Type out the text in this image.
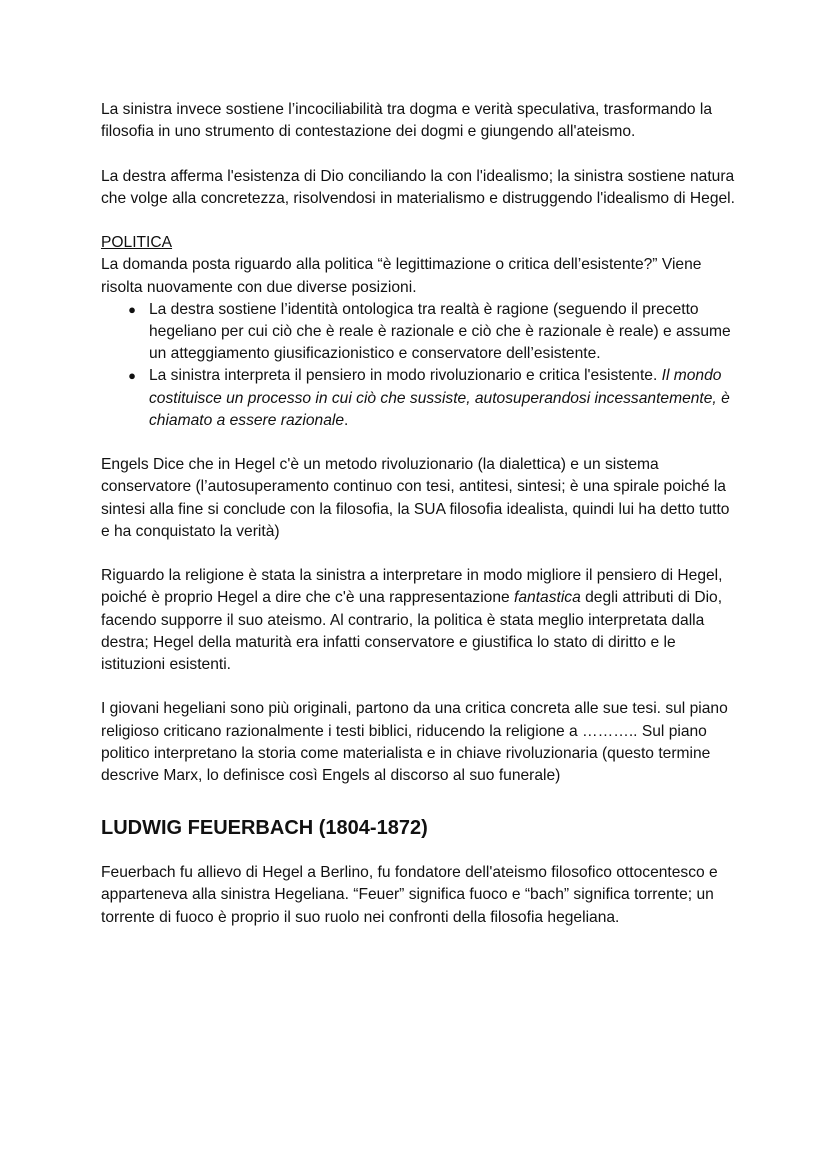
La sinistra invece sostiene l’incociliabilità tra dogma e verità speculativa, trasformando la filosofia in uno strumento di contestazione dei dogmi e giungendo all'ateismo.

La destra afferma l'esistenza di Dio conciliando la con l'idealismo; la sinistra sostiene natura che volge alla concretezza, risolvendosi in materialismo e distruggendo l'idealismo di Hegel.

POLITICA

La domanda posta riguardo alla politica “è legittimazione o critica dell’esistente?” Viene risolta nuovamente con due diverse posizioni.

● La destra sostiene l’identità ontologica tra realtà è ragione (seguendo il precetto hegeliano per cui ciò che è reale è razionale e ciò che è razionale è reale) e assume un atteggiamento giusificazionistico e conservatore dell’esistente.
● La sinistra interpreta il pensiero in modo rivoluzionario e critica l'esistente. Il mondo costituisce un processo in cui ciò che sussiste, autosuperandosi incessantemente, è chiamato a essere razionale.

Engels Dice che in Hegel c'è un metodo rivoluzionario (la dialettica) e un sistema conservatore (l’autosuperamento continuo con tesi, antitesi, sintesi; è una spirale poiché la sintesi alla fine si conclude con la filosofia, la SUA filosofia idealista, quindi lui ha detto tutto e ha conquistato la verità)

Riguardo la religione è stata la sinistra a interpretare in modo migliore il pensiero di Hegel, poiché è proprio Hegel a dire che c'è una rappresentazione fantastica degli attributi di Dio, facendo supporre il suo ateismo. Al contrario, la politica è stata meglio interpretata dalla destra; Hegel della maturità era infatti conservatore e giustifica lo stato di diritto e le istituzioni esistenti.

I giovani hegeliani sono più originali, partono da una critica concreta alle sue tesi. sul piano religioso criticano razionalmente i testi biblici, riducendo la religione a ……….. Sul piano politico interpretano la storia come materialista e in chiave rivoluzionaria (questo termine descrive Marx, lo definisce così Engels al discorso al suo funerale)

LUDWIG FEUERBACH (1804-1872)

Feuerbach fu allievo di Hegel a Berlino, fu fondatore dell'ateismo filosofico ottocentesco e apparteneva alla sinistra Hegeliana. “Feuer” significa fuoco e “bach” significa torrente; un torrente di fuoco è proprio il suo ruolo nei confronti della filosofia hegeliana.
